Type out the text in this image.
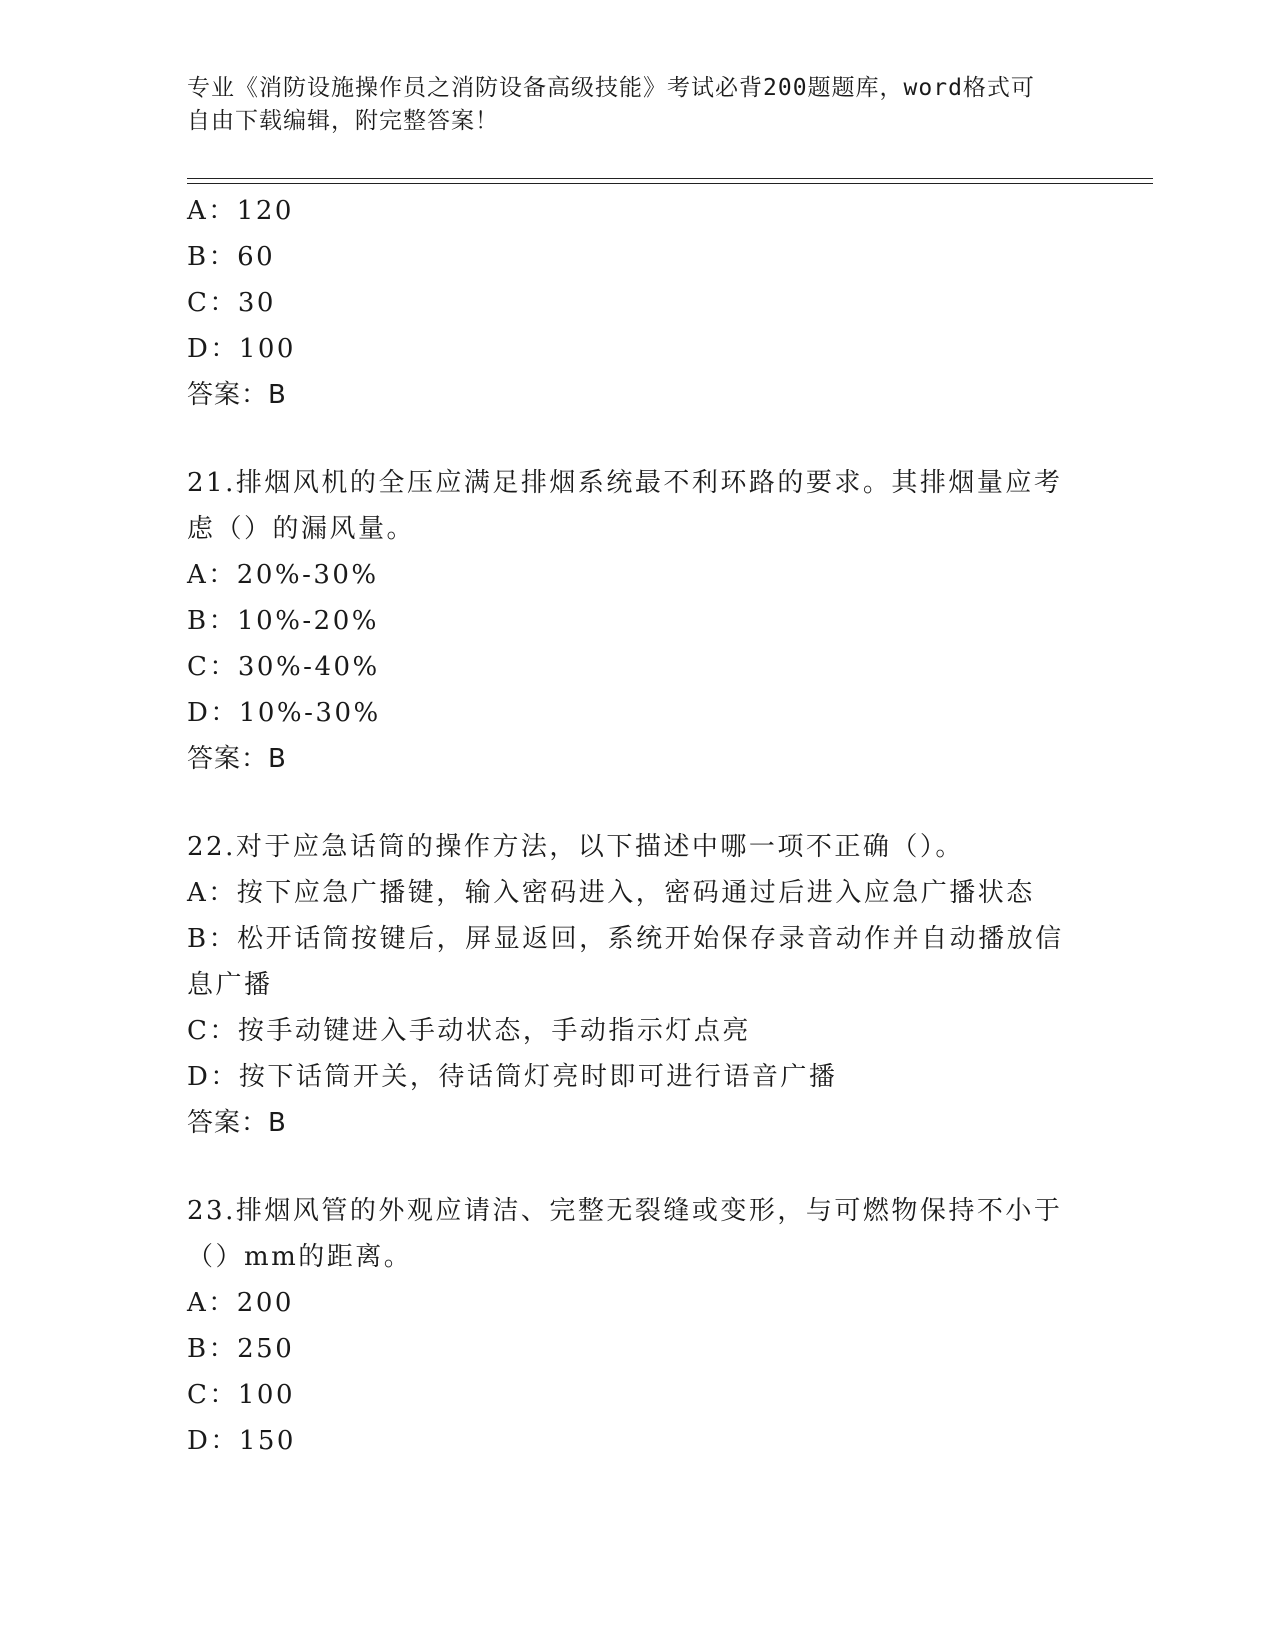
专业《消防设施操作员之消防设备高级技能》考试必背200题题库，word格式可
自由下载编辑，附完整答案！
A：120
B：60
C：30
D：100
答案：B
21.排烟风机的全压应满足排烟系统最不利环路的要求。其排烟量应考
虑（）的漏风量。
A：20%-30%
B：10%-20%
C：30%-40%
D：10%-30%
答案：B
22.对于应急话筒的操作方法，以下描述中哪一项不正确（）。
A：按下应急广播键，输入密码进入，密码通过后进入应急广播状态
B：松开话筒按键后，屏显返回，系统开始保存录音动作并自动播放信
息广播
C：按手动键进入手动状态，手动指示灯点亮
D：按下话筒开关，待话筒灯亮时即可进行语音广播
答案：B
23.排烟风管的外观应请洁、完整无裂缝或变形，与可燃物保持不小于
（）mm的距离。
A：200
B：250
C：100
D：150
